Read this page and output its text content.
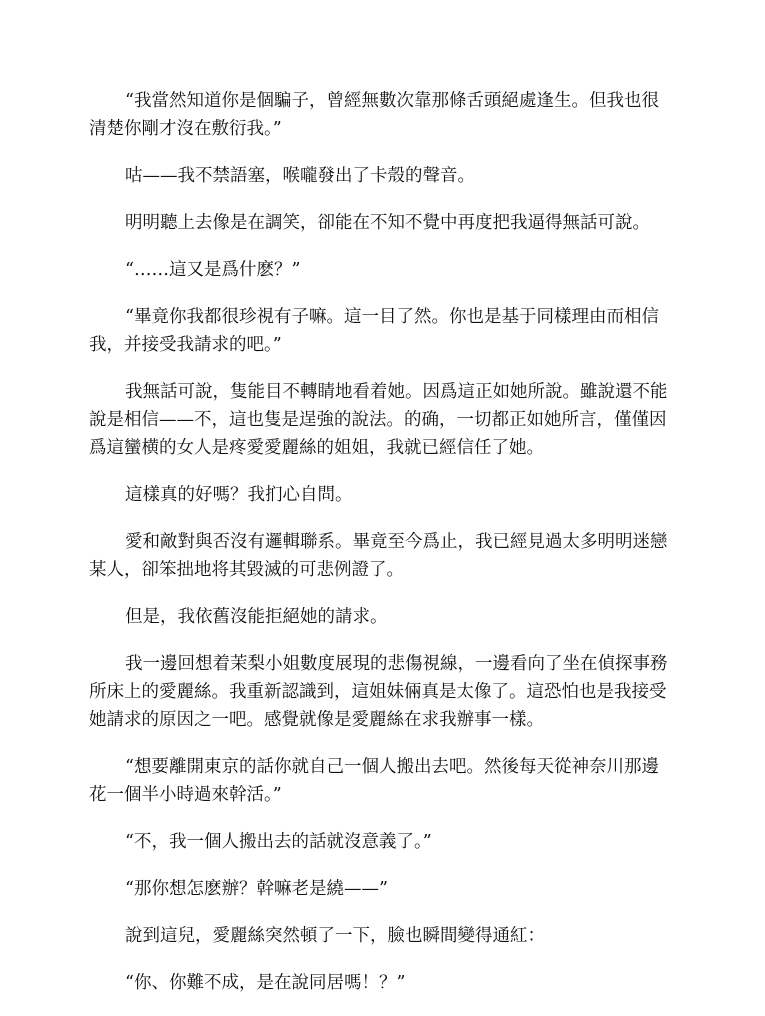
“我當然知道你是個騙子，曾經無數次靠那條舌頭絕處逢生。但我也很清楚你剛才沒在敷衍我。”

咕——我不禁語塞，喉嚨發出了卡殼的聲音。

明明聽上去像是在調笑，卻能在不知不覺中再度把我逼得無話可說。

“……這又是爲什麽？”

“畢竟你我都很珍視有子嘛。這一目了然。你也是基于同樣理由而相信我，并接受我請求的吧。”

我無話可說，隻能目不轉睛地看着她。因爲這正如她所說。雖說還不能說是相信——不，這也隻是逞強的說法。的确，一切都正如她所言，僅僅因爲這蠻横的女人是疼愛愛麗絲的姐姐，我就已經信任了她。

這樣真的好嗎？我扪心自問。

愛和敵對與否沒有邏輯聯系。畢竟至今爲止，我已經見過太多明明迷戀某人，卻笨拙地将其毀滅的可悲例證了。

但是，我依舊沒能拒絕她的請求。

我一邊回想着茉梨小姐數度展現的悲傷視線，一邊看向了坐在偵探事務所床上的愛麗絲。我重新認識到，這姐妹倆真是太像了。這恐怕也是我接受她請求的原因之一吧。感覺就像是愛麗絲在求我辦事一樣。

“想要離開東京的話你就自己一個人搬出去吧。然後每天從神奈川那邊花一個半小時過來幹活。”

“不，我一個人搬出去的話就沒意義了。”

“那你想怎麽辦？幹嘛老是繞——”

說到這兒，愛麗絲突然頓了一下，臉也瞬間變得通紅：

“你、你難不成，是在說同居嗎！？”
